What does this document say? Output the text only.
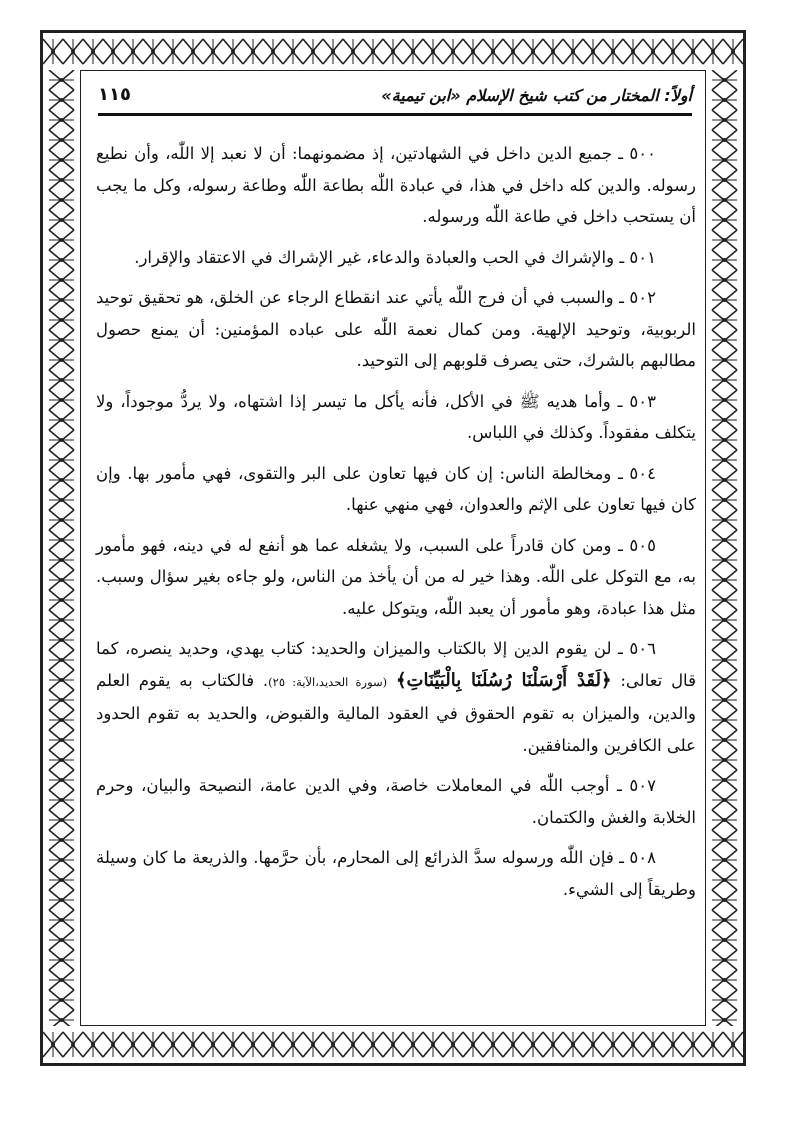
أولاً: المختار من كتب شيخ الإسلام «ابن تيمية»
١١٥

٥٠٠ ـ جميع الدين داخل في الشهادتين، إذ مضمونهما: أن لا نعبد إلا اللّٰه، وأن نطيع رسوله. والدين كله داخل في هذا، في عبادة اللّٰه بطاعة اللّٰه وطاعة رسوله، وكل ما يجب أن يستحب داخل في طاعة اللّٰه ورسوله.

٥٠١ ـ والإشراك في الحب والعبادة والدعاء، غير الإشراك في الاعتقاد والإقرار.

٥٠٢ ـ والسبب في أن فرج اللّٰه يأتي عند انقطاع الرجاء عن الخلق، هو تحقيق توحيد الربوبية، وتوحيد الإلهية. ومن كمال نعمة اللّٰه على عباده المؤمنين: أن يمنع حصول مطالبهم بالشرك، حتى يصرف قلوبهم إلى التوحيد.

٥٠٣ ـ وأما هديه ﷺ في الأكل، فأنه يأكل ما تيسر إذا اشتهاه، ولا يردُّ موجوداً، ولا يتكلف مفقوداً. وكذلك في اللباس.

٥٠٤ ـ ومخالطة الناس: إن كان فيها تعاون على البر والتقوى، فهي مأمور بها. وإن كان فيها تعاون على الإثم والعدوان، فهي منهي عنها.

٥٠٥ ـ ومن كان قادراً على السبب، ولا يشغله عما هو أنفع له في دينه، فهو مأمور به، مع التوكل على اللّٰه. وهذا خير له من أن يأخذ من الناس، ولو جاءه بغير سؤال وسبب. مثل هذا عبادة، وهو مأمور أن يعبد اللّٰه، ويتوكل عليه.

٥٠٦ ـ لن يقوم الدين إلا بالكتاب والميزان والحديد: كتاب يهدي، وحديد ينصره، كما قال تعالى: ﴿لَقَدْ أَرْسَلْنَا رُسُلَنَا بِالْبَيِّنَاتِ﴾ (سورة الحديد،الآية: ٢٥). فالكتاب به يقوم العلم والدين، والميزان به تقوم الحقوق في العقود المالية والقبوض، والحديد به تقوم الحدود على الكافرين والمنافقين.

٥٠٧ ـ أوجب اللّٰه في المعاملات خاصة، وفي الدين عامة، النصيحة والبيان، وحرم الخلابة والغش والكتمان.

٥٠٨ ـ فإن اللّٰه ورسوله سدَّ الذرائع إلى المحارم، بأن حرَّمها. والذريعة ما كان وسيلة وطريقاً إلى الشيء.
